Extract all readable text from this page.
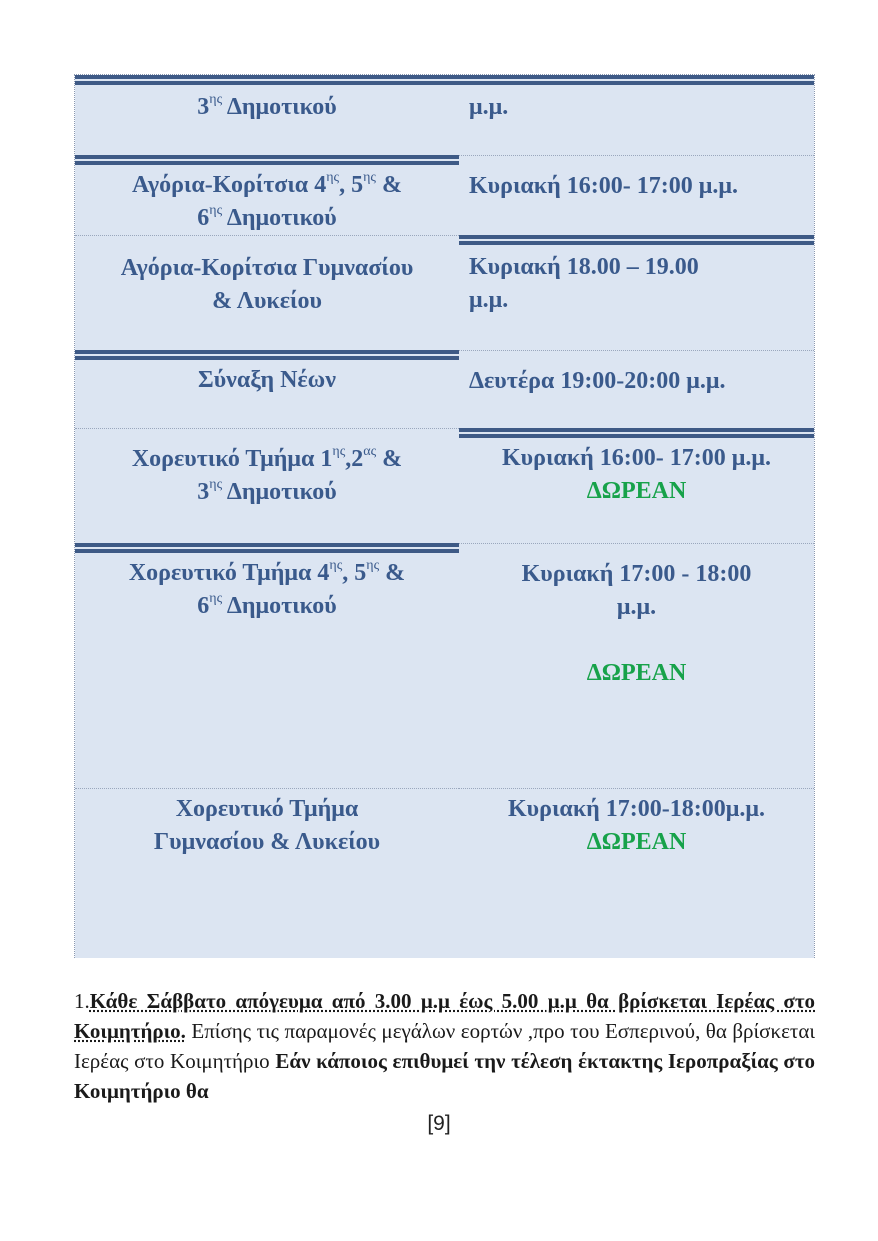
$3^{\eta\varsigma}$ Δημοτικού
Αγόρια-Κορίτσια $4^{\eta\varsigma}$, $5^{\eta\varsigma}$ &
$6^{\eta\varsigma}$ Δημοτικού
Αγόρια-Κορίτσια Γυμνασίου
& Λυκείου
Σύναξη Νέων
Χορευτικό Τμήμα $1^{\eta\varsigma},2^{\alpha\varsigma}$ &
$3^{\eta\varsigma}$ Δημοτικού
Χορευτικό Τμήμα $4^{\eta\varsigma}$, $5^{\eta\varsigma}$ &
$6^{\eta\varsigma}$ Δημοτικού
Χορευτικό Τμήμα
Γυμνασίου & Λυκείου
μ.μ.
Κυριακή 16:00- 17:00 μ.μ.
Κυριακή 18.00 – 19.00
μ.μ.
Δευτέρα 19:00-20:00 μ.μ.
Κυριακή 16:00- 17:00 μ.μ.
ΔΩΡΕΑΝ
Κυριακή 17:00 - 18:00
μ.μ.
ΔΩΡΕΑΝ
Κυριακή 17:00-18:00μ.μ.
ΔΩΡΕΑΝ
1.Κάθε Σάββατο απόγευμα από 3.00 μ.μ έως 5.00 μ.μ θα βρίσκεται Ιερέας στο Κοιμητήριο. Επίσης τις παραμονές μεγάλων εορτών ,προ του Εσπερινού, θα βρίσκεται Ιερέας στο Κοιμητήριο Εάν κάποιος επιθυμεί την τέλεση έκτακτης Ιεροπραξίας στο Κοιμητήριο θα
[9]
